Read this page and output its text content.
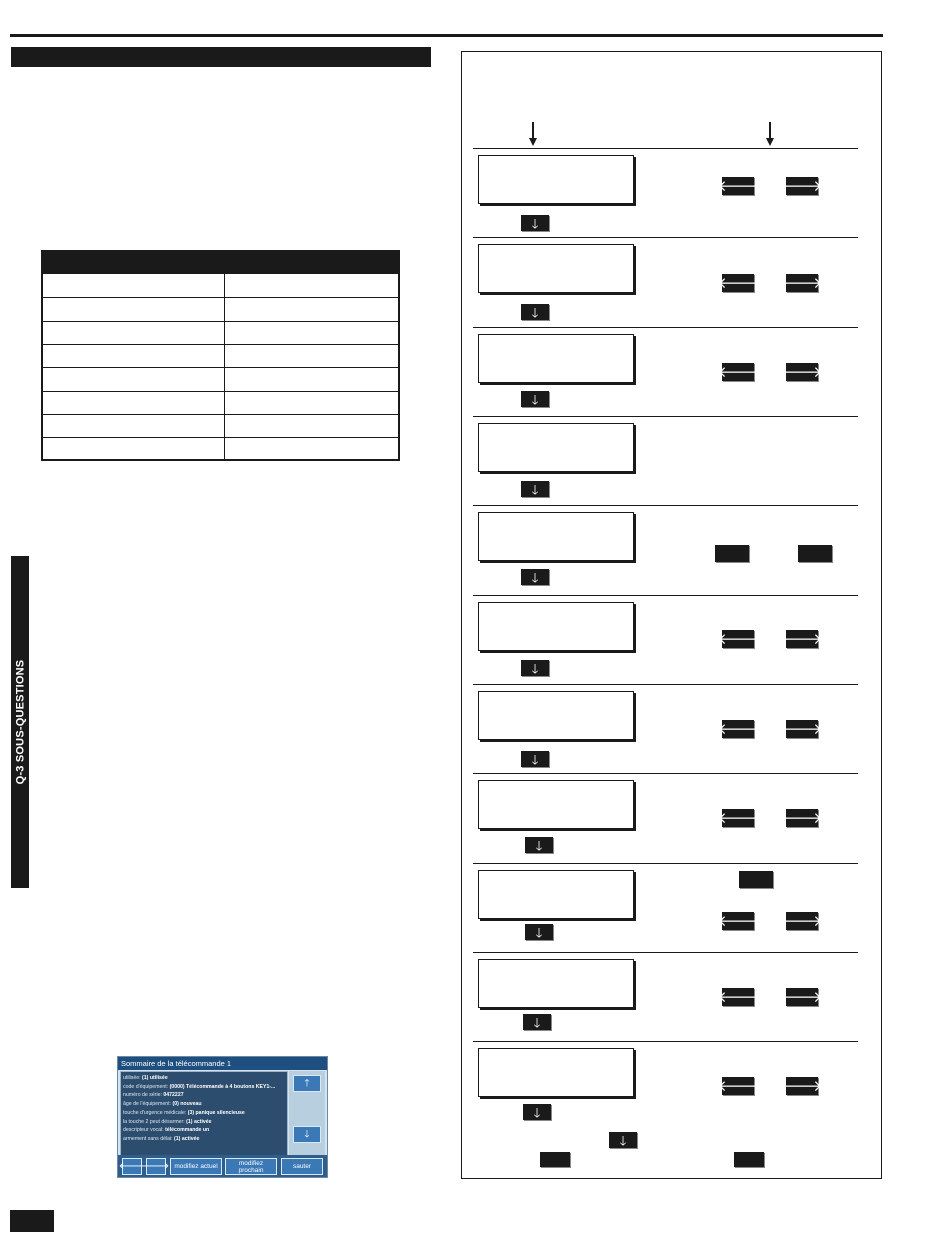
Q-3 SOUS-QUESTIONS
🡓
🡐 🡒
🡓
🡐 🡒
🡓
🡐 🡒
🡓
🡓
🡓
🡐 🡒
🡓
🡐 🡒
🡓
🡐 🡒
🡓
🡐 🡒
🡓
🡐 🡒
🡓
🡐 🡒
🡓
Sommaire de la télécommande 1
utilisée: (1) utilisée
code d'équipement: (0000) Télécommande à 4 boutons KEY1-...
numéro de série: 0472227
âge de l'équipement: (0) nouveau
touche d'urgence médicale: (3) panique silencieuse
la touche 2 peut désarmer: (1) activée
descripteur vocal: télécommande un
armement sans délai: (1) activée
🡑
🡓
🡐
🡒 modifiez actuel	modifiez prochain	sauter
